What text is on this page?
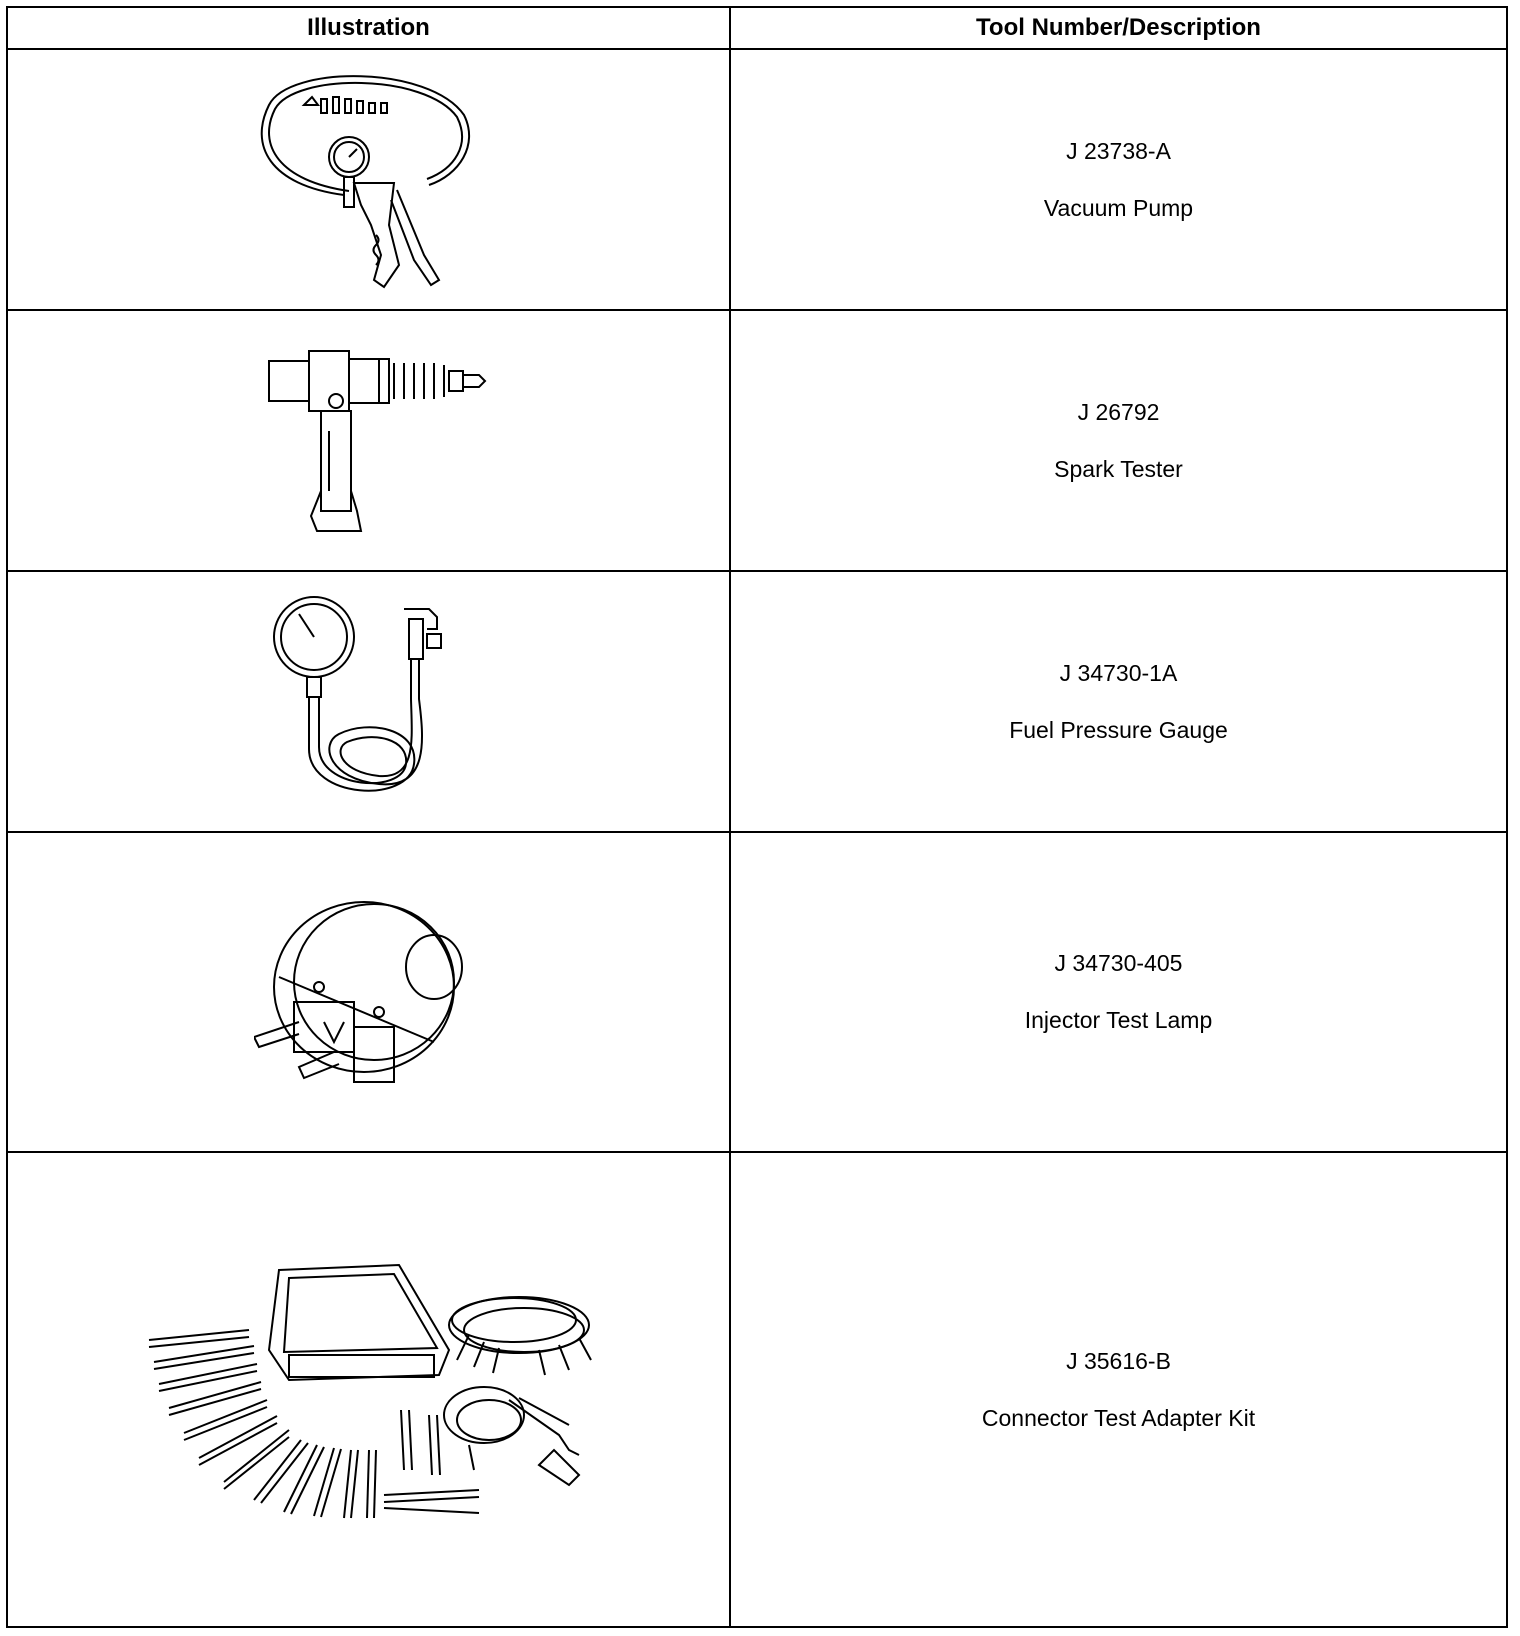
Illustration	Tool Number/Description

J 23738-A
Vacuum Pump

J 26792
Spark Tester

J 34730-1A
Fuel Pressure Gauge

J 34730-405
Injector Test Lamp

J 35616-B
Connector Test Adapter Kit
